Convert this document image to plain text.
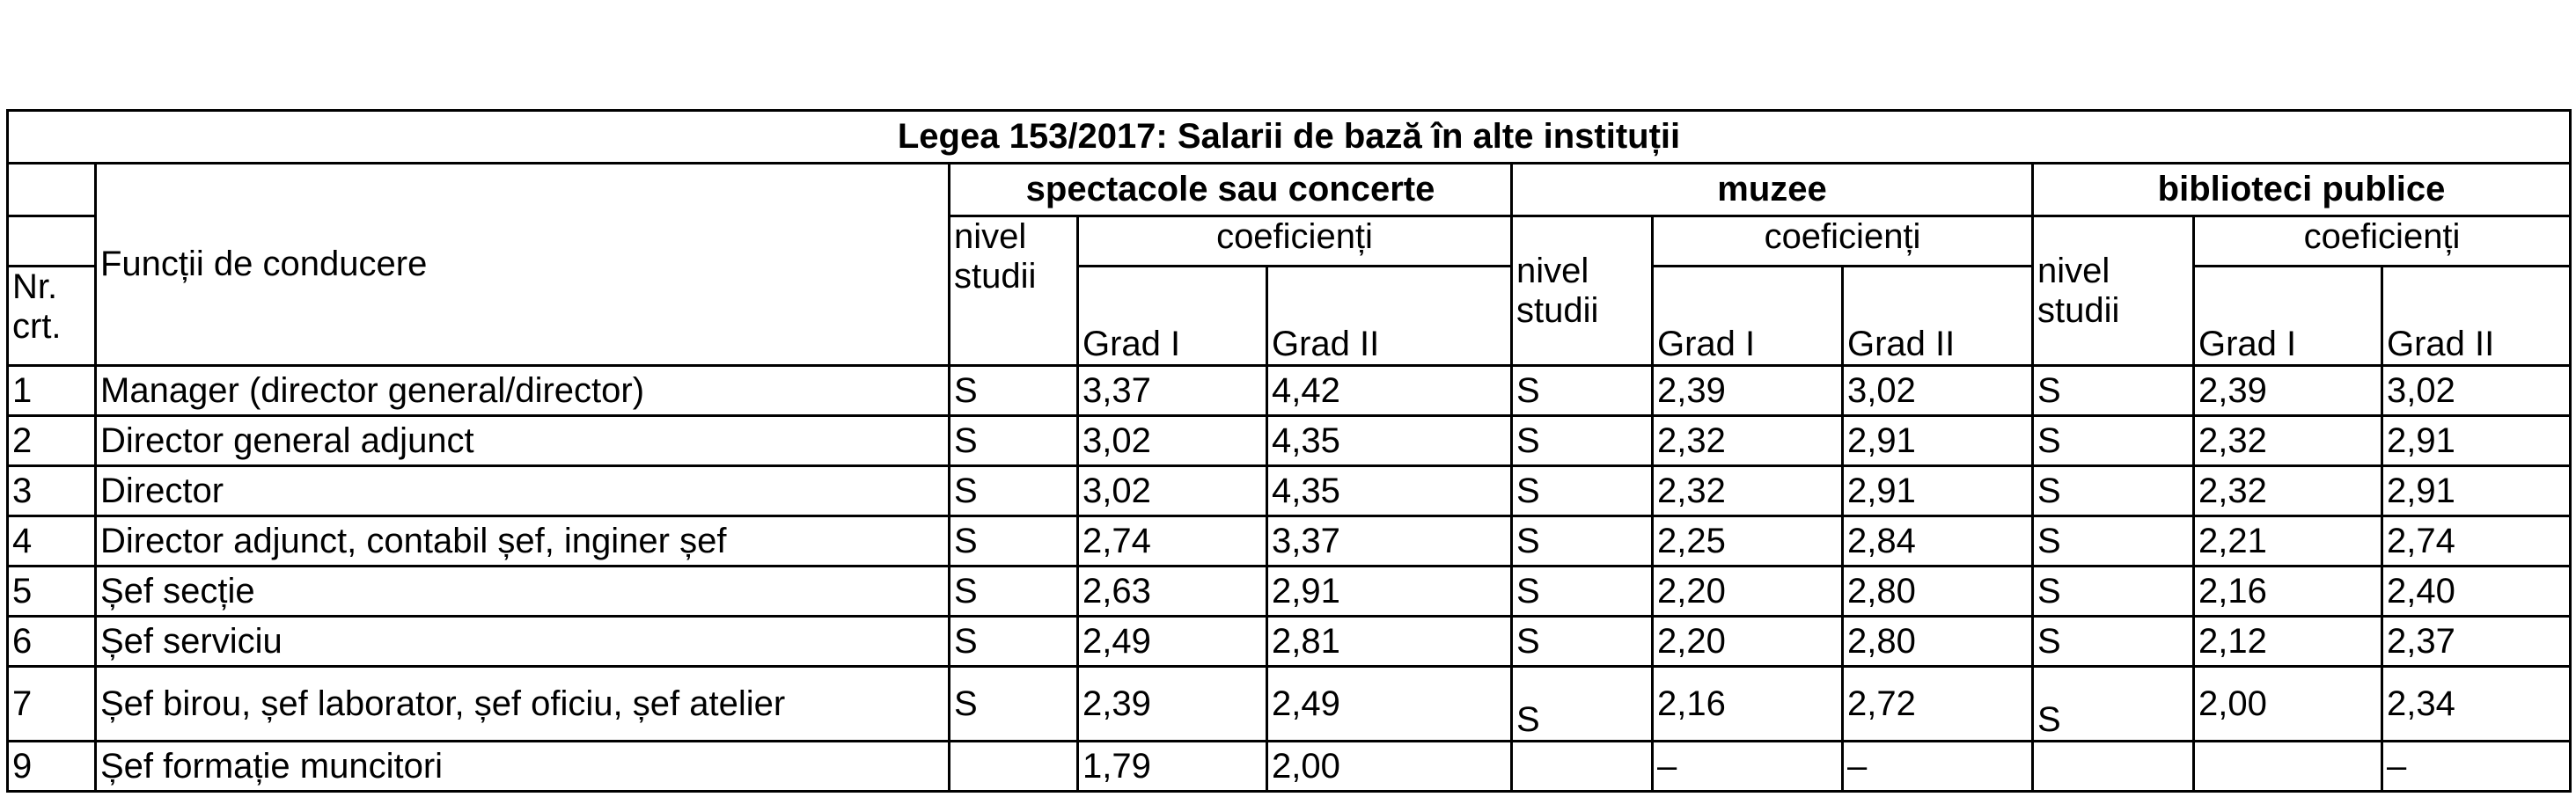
Legea 153/2017: Salarii de bază în alte instituții										
	Funcții de conducere	spectacole sau concerte			muzee			biblioteci publice		
		nivel studii	coeficienți		nivel studii	coeficienți		nivel studii	coeficienți	
Nr. crt.			Grad I	Grad II		Grad I	Grad II		Grad I	Grad II
1	Manager (director general/director)	S	3,37	4,42	S	2,39	3,02	S	2,39	3,02
2	Director general adjunct	S	3,02	4,35	S	2,32	2,91	S	2,32	2,91
3	Director	S	3,02	4,35	S	2,32	2,91	S	2,32	2,91
4	Director adjunct, contabil șef, inginer șef	S	2,74	3,37	S	2,25	2,84	S	2,21	2,74
5	Șef secție	S	2,63	2,91	S	2,20	2,80	S	2,16	2,40
6	Șef serviciu	S	2,49	2,81	S	2,20	2,80	S	2,12	2,37
7	Șef birou, șef laborator, șef oficiu, șef atelier	S	2,39	2,49	S	2,16	2,72	S	2,00	2,34
9	Șef formație muncitori		1,79	2,00		–	–			–
